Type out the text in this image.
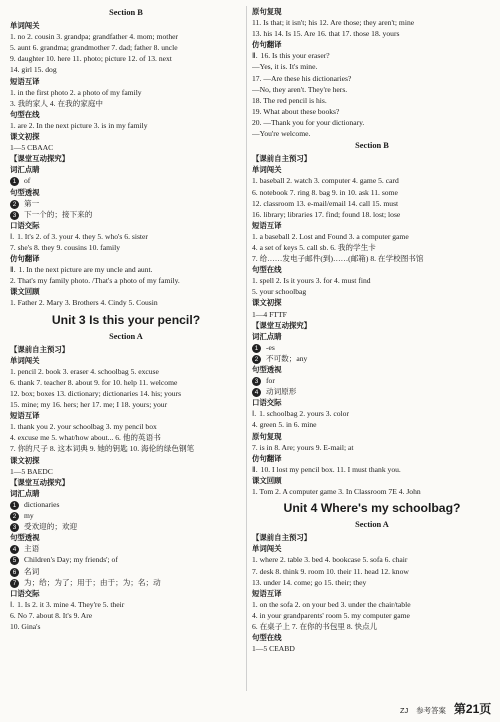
Section B
单词闯关
1. no 2. cousin 3. grandpa; grandfather 4. mom; mother
5. aunt 6. grandma; grandmother 7. dad; father 8. uncle
9. daughter 10. here 11. photo; picture 12. of 13. next
14. girl 15. dog
短语互译
1. in the first photo 2. a photo of my family
3. 我的家人 4. 在我的家庭中
句型在线
1. are 2. In the next picture 3. is in my family
课文初探
1—5 CBAAC
【课堂互动探究】
词汇点睛
1 of
句型透视
2 第一
3 下一个的；接下来的
口语交际
Ⅰ. 1. It's 2. of 3. your 4. they 5. who's 6. sister
7. she's 8. they 9. cousins 10. family
仿句翻译
Ⅱ. 1. In the next picture are my uncle and aunt.
2. That's my family photo. /That's a photo of my family.
课文回顾
1. Father 2. Mary 3. Brothers 4. Cindy 5. Cousin
Unit 3 Is this your pencil?
Section A
【课前自主预习】
单词闯关
1. pencil 2. book 3. eraser 4. schoolbag 5. excuse
6. thank 7. teacher 8. about 9. for 10. help 11. welcome
12. box; boxes 13. dictionary; dictionaries 14. his; yours
15. mine; my 16. hers; her 17. me; I 18. yours; your
短语互译
1. thank you 2. your schoolbag 3. my pencil box
4. excuse me 5. what/how about... 6. 他的英语书
7. 你的尺子 8. 这本词典 9. 她的钥匙 10. 海伦的绿色钢笔
课文初探
1—5 BAEDC
【课堂互动探究】
词汇点睛
1 dictionaries
2 my
3 受欢迎的；欢迎
句型透视
4 主语
5 Children's Day; my friends'; of
6 名词
7 为；给；为了；用于；由于；为；名；动
口语交际
Ⅰ. 1. Is 2. it 3. mine 4. They're 5. their
6. No 7. about 8. It's 9. Are
10. Gina's
原句复现
11. Is that; it isn't; his 12. Are those; they aren't; mine
13. his 14. Is 15. Are 16. that 17. those 18. yours
仿句翻译
Ⅱ. 16. Is this your eraser?
—Yes, it is. It's mine.
17. —Are these his dictionaries?
—No, they aren't. They're hers.
18. The red pencil is his.
19. What about these books?
20. —Thank you for your dictionary.
—You're welcome.
Section B
【课前自主预习】
单词闯关
1. baseball 2. watch 3. computer 4. game 5. card
6. notebook 7. ring 8. bag 9. in 10. ask 11. some
12. classroom 13. e-mail/email 14. call 15. must
16. library; libraries 17. find; found 18. lost; lose
短语互译
1. a baseball 2. Lost and Found 3. a computer game
4. a set of keys 5. call sb. 6. 我的学生卡
7. 给……发电子邮件(到)……(邮箱) 8. 在学校图书馆
句型在线
1. spell 2. Is it yours 3. for 4. must find
5. your schoolbag
课文初探
1—4 FTTF
【课堂互动探究】
词汇点睛
1 -es
2 不可数；any
句型透视
3 for
4 动词原形
口语交际
Ⅰ. 1. schoolbag 2. yours 3. color
4. green 5. in 6. mine
原句复现
7. is in 8. Are; yours 9. E-mail; at
仿句翻译
Ⅱ. 10. I lost my pencil box. 11. I must thank you.
课文回顾
1. Tom 2. A computer game 3. In Classroom 7E 4. John
Unit 4 Where's my schoolbag?
Section A
【课前自主预习】
单词闯关
1. where 2. table 3. bed 4. bookcase 5. sofa 6. chair
7. desk 8. think 9. room 10. their 11. head 12. know
13. under 14. come; go 15. their; they
短语互译
1. on the sofa 2. on your bed 3. under the chair/table
4. in your grandparents' room 5. my computer game
6. 在桌子上 7. 在你的书包里 8. 快点儿
句型在线
1—5 CEABD
ZJ 参考答案 第21页
